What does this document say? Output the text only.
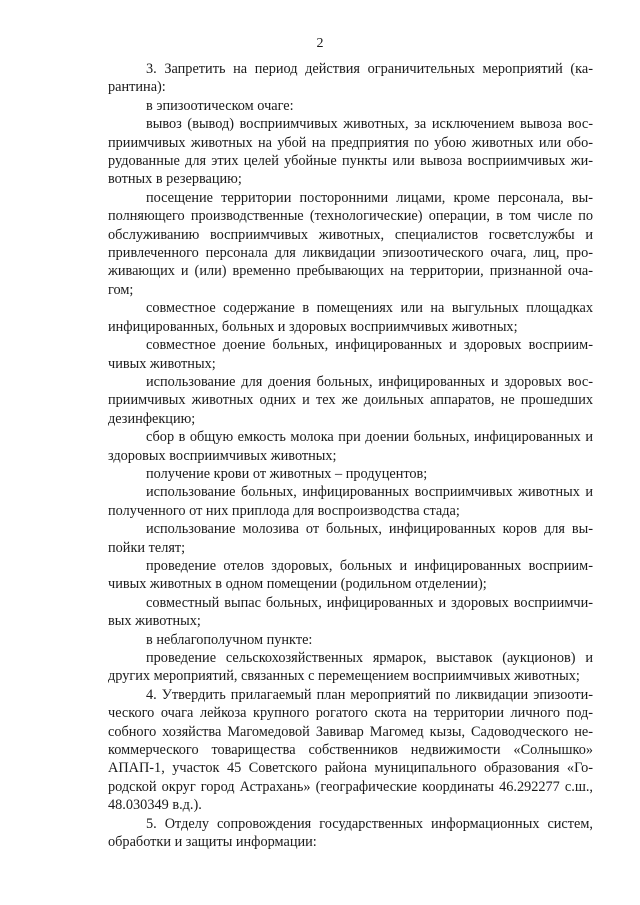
2

3. Запретить на период действия ограничительных мероприятий (карантина):

в эпизоотическом очаге:

вывоз (вывод) восприимчивых животных, за исключением вывоза восприимчивых животных на убой на предприятия по убою животных или оборудованные для этих целей убойные пункты или вывоза восприимчивых животных в резервацию;

посещение территории посторонними лицами, кроме персонала, выполняющего производственные (технологические) операции, в том числе по обслуживанию восприимчивых животных, специалистов госветслужбы и привлеченного персонала для ликвидации эпизоотического очага, лиц, проживающих и (или) временно пребывающих на территории, признанной очагом;

совместное содержание в помещениях или на выгульных площадках инфицированных, больных и здоровых восприимчивых животных;

совместное доение больных, инфицированных и здоровых восприимчивых животных;

использование для доения больных, инфицированных и здоровых восприимчивых животных одних и тех же доильных аппаратов, не прошедших дезинфекцию;

сбор в общую емкость молока при доении больных, инфицированных и здоровых восприимчивых животных;

получение крови от животных – продуцентов;

использование больных, инфицированных восприимчивых животных и полученного от них приплода для воспроизводства стада;

использование молозива от больных, инфицированных коров для выпойки телят;

проведение отелов здоровых, больных и инфицированных восприимчивых животных в одном помещении (родильном отделении);

совместный выпас больных, инфицированных и здоровых восприимчивых животных;

в неблагополучном пункте:

проведение сельскохозяйственных ярмарок, выставок (аукционов) и других мероприятий, связанных с перемещением восприимчивых животных;

4. Утвердить прилагаемый план мероприятий по ликвидации эпизоотического очага лейкоза крупного рогатого скота на территории личного подсобного хозяйства Магомедовой Завивар Магомед кызы, Садоводческого некоммерческого товарищества собственников недвижимости «Солнышко» АПАП-1, участок 45 Советского района муниципального образования «Городской округ город Астрахань» (географические координаты 46.292277 с.ш., 48.030349 в.д.).

5. Отделу сопровождения государственных информационных систем, обработки и защиты информации:
